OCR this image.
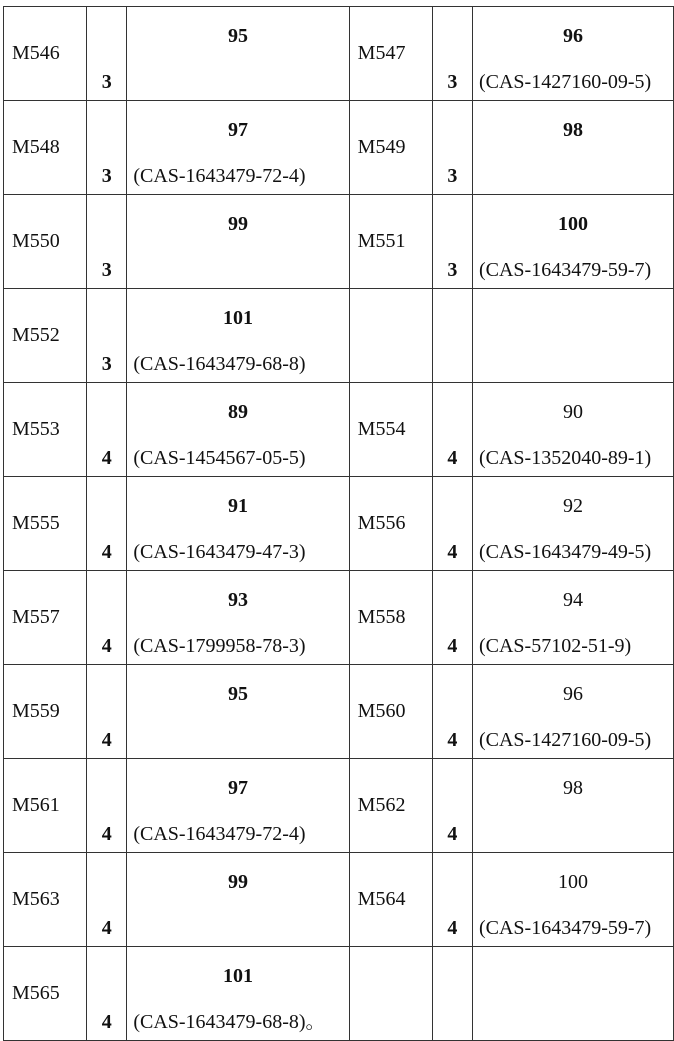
M546	3	
95
	M547	3	
96
(CAS-1427160-09-5)

M548	3	
97
(CAS-1643479-72-4)
	M549	3	
98

M550	3	
99
	M551	3	
100
(CAS-1643479-59-7)

M552	3	
101
(CAS-1643479-68-8)

M553	4	
89
(CAS-1454567-05-5)
	M554	4	
90
(CAS-1352040-89-1)

M555	4	
91
(CAS-1643479-47-3)
	M556	4	
92
(CAS-1643479-49-5)

M557	4	
93
(CAS-1799958-78-3)
	M558	4	
94
(CAS-57102-51-9)

M559	4	
95
	M560	4	
96
(CAS-1427160-09-5)

M561	4	
97
(CAS-1643479-72-4)
	M562	4	
98

M563	4	
99
	M564	4	
100
(CAS-1643479-59-7)

M565	4	
101
(CAS-1643479-68-8)。
